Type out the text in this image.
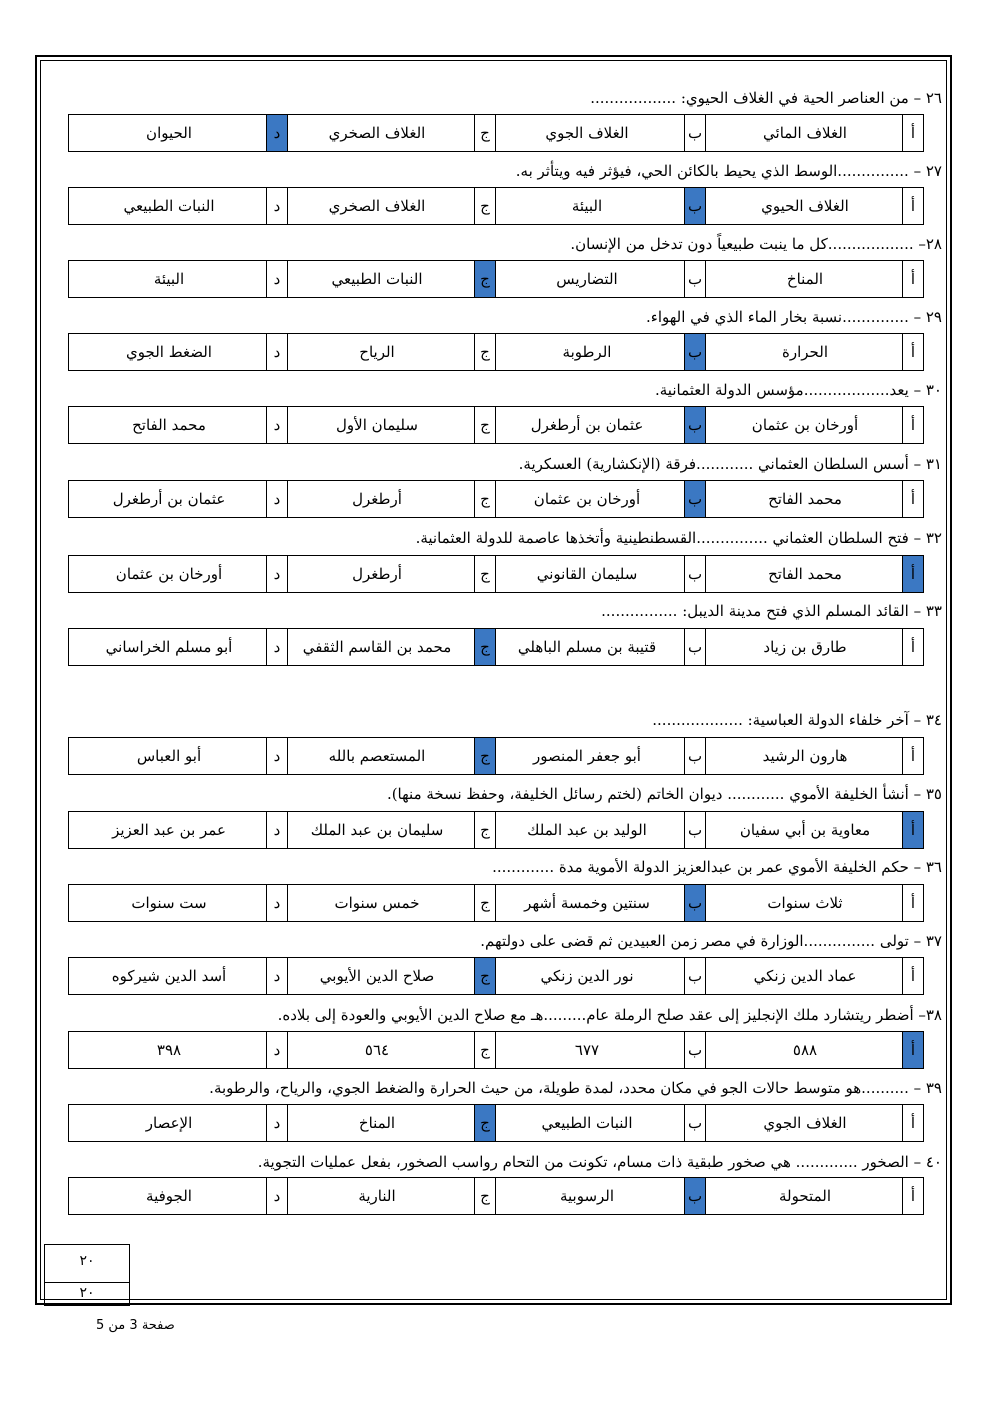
٢٦ – من العناصر الحية في الغلاف الحيوي: ..................
أ
الغلاف المائي
ب
الغلاف الجوي
ج
الغلاف الصخري
د
الحيوان
٢٧ – ...............الوسط الذي يحيط بالكائن الحي، فيؤثر فيه ويتأثر به.
أ
الغلاف الحيوي
ب
البيئة
ج
الغلاف الصخري
د
النبات الطبيعي
٢٨– ..................كل ما ينبت طبيعياً دون تدخل من الإنسان.
أ
المناخ
ب
التضاريس
ج
النبات الطبيعي
د
البيئة
٢٩ – ..............نسبة بخار الماء الذي في الهواء.
أ
الحرارة
ب
الرطوبة
ج
الرياح
د
الضغط الجوي
٣٠ – يعد..................مؤسس الدولة العثمانية.
أ
أورخان بن عثمان
ب
عثمان بن أرطغرل
ج
سليمان الأول
د
محمد الفاتح
٣١ – أسس السلطان العثماني ............فرقة (الإنكشارية) العسكرية.
أ
محمد الفاتح
ب
أورخان بن عثمان
ج
أرطغرل
د
عثمان بن أرطغرل
٣٢ – فتح السلطان العثماني ...............القسطنطينية وأتخذها عاصمة للدولة العثمانية.
أ
محمد الفاتح
ب
سليمان القانوني
ج
أرطغرل
د
أورخان بن عثمان
٣٣ – القائد المسلم الذي فتح مدينة الديبل: ................
أ
طارق بن زياد
ب
قتيبة بن مسلم الباهلي
ج
محمد بن القاسم الثقفي
د
أبو مسلم الخراساني
٣٤ – آخر خلفاء الدولة العباسية: ...................
أ
هارون الرشيد
ب
أبو جعفر المنصور
ج
المستعصم بالله
د
أبو العباس
٣٥ – أنشأ الخليفة الأموي ............ ديوان الخاتم (لختم رسائل الخليفة، وحفظ نسخة منها).
أ
معاوية بن أبي سفيان
ب
الوليد بن عبد الملك
ج
سليمان بن عبد الملك
د
عمر بن عبد العزيز
٣٦ – حكم الخليفة الأموي عمر بن عبدالعزيز الدولة الأموية مدة .............
أ
ثلاث سنوات
ب
سنتين وخمسة أشهر
ج
خمس سنوات
د
ست سنوات
٣٧ – تولى ...............الوزارة في مصر زمن العبيدين ثم قضى على دولتهم.
أ
عماد الدين زنكي
ب
نور الدين زنكي
ج
صلاح الدين الأيوبي
د
أسد الدين شيركوه
٣٨– أضطر ريتشارد ملك الإنجليز إلى عقد صلح الرملة عام.........هـ مع صلاح الدين الأيوبي والعودة إلى بلاده.
أ
٥٨٨
ب
٦٧٧
ج
٥٦٤
د
٣٩٨
٣٩ – ..........هو متوسط حالات الجو في مكان محدد، لمدة طويلة، من حيث الحرارة والضغط الجوي، والرياح، والرطوبة.
أ
الغلاف الجوي
ب
النبات الطبيعي
ج
المناخ
د
الإعصار
٤٠ – الصخور ............. هي صخور طبقية ذات مسام، تكونت من التحام رواسب الصخور، بفعل عمليات التجوية.
أ
المتحولة
ب
الرسوبية
ج
النارية
د
الجوفية
٢٠
٢٠
صفحة 3 من 5
